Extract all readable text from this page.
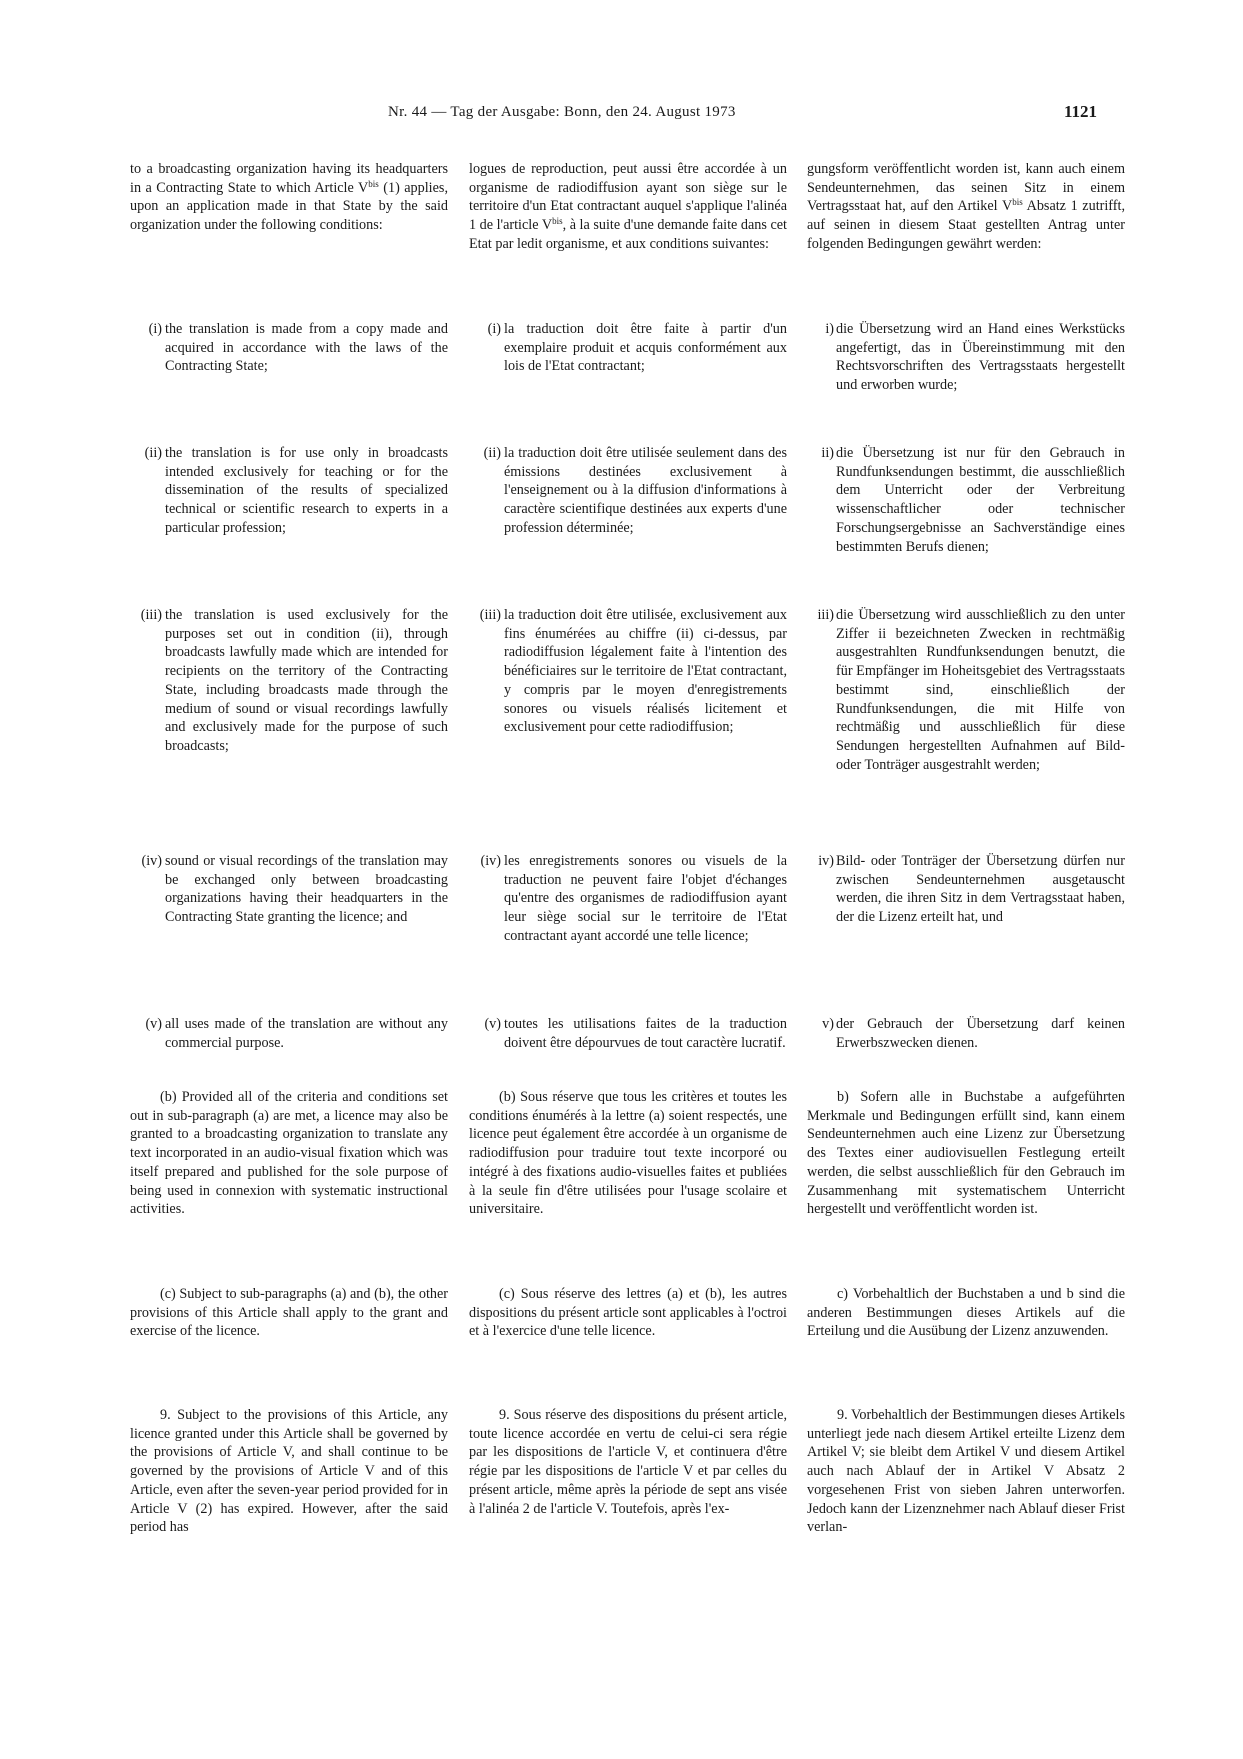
Nr. 44 — Tag der Ausgabe: Bonn, den 24. August 1973	1121
to a broadcasting organization having its headquarters in a Contracting State to which Article $V^{bis}$ (1) applies, upon an application made in that State by the said organization under the following conditions:
(i) the translation is made from a copy made and acquired in accordance with the laws of the Contracting State;
(ii) the translation is for use only in broadcasts intended exclusively for teaching or for the dissemination of the results of specialized technical or scientific research to experts in a particular profession;
(iii) the translation is used exclusively for the purposes set out in condition (ii), through broadcasts lawfully made which are intended for recipients on the territory of the Contracting State, including broadcasts made through the medium of sound or visual recordings lawfully and exclusively made for the purpose of such broadcasts;
(iv) sound or visual recordings of the translation may be exchanged only between broadcasting organizations having their headquarters in the Contracting State granting the licence; and
(v) all uses made of the translation are without any commercial purpose.
(b) Provided all of the criteria and conditions set out in sub-paragraph (a) are met, a licence may also be granted to a broadcasting organization to translate any text incorporated in an audio-visual fixation which was itself prepared and published for the sole purpose of being used in connexion with systematic instructional activities.
(c) Subject to sub-paragraphs (a) and (b), the other provisions of this Article shall apply to the grant and exercise of the licence.
9. Subject to the provisions of this Article, any licence granted under this Article shall be governed by the provisions of Article V, and shall continue to be governed by the provisions of Article V and of this Article, even after the seven-year period provided for in Article V (2) has expired. However, after the said period has
logues de reproduction, peut aussi être accordée à un organisme de radiodiffusion ayant son siège sur le territoire d'un Etat contractant auquel s'applique l'alinéa 1 de l'article $V^{bis}$, à la suite d'une demande faite dans cet Etat par ledit organisme, et aux conditions suivantes:
(i) la traduction doit être faite à partir d'un exemplaire produit et acquis conformément aux lois de l'Etat contractant;
(ii) la traduction doit être utilisée seulement dans des émissions destinées exclusivement à l'enseignement ou à la diffusion d'informations à caractère scientifique destinées aux experts d'une profession déterminée;
(iii) la traduction doit être utilisée, exclusivement aux fins énumérées au chiffre (ii) ci-dessus, par radiodiffusion légalement faite à l'intention des bénéficiaires sur le territoire de l'Etat contractant, y compris par le moyen d'enregistrements sonores ou visuels réalisés licitement et exclusivement pour cette radiodiffusion;
(iv) les enregistrements sonores ou visuels de la traduction ne peuvent faire l'objet d'échanges qu'entre des organismes de radiodiffusion ayant leur siège social sur le territoire de l'Etat contractant ayant accordé une telle licence;
(v) toutes les utilisations faites de la traduction doivent être dépourvues de tout caractère lucratif.
(b) Sous réserve que tous les critères et toutes les conditions énumérés à la lettre (a) soient respectés, une licence peut également être accordée à un organisme de radiodiffusion pour traduire tout texte incorporé ou intégré à des fixations audio-visuelles faites et publiées à la seule fin d'être utilisées pour l'usage scolaire et universitaire.
(c) Sous réserve des lettres (a) et (b), les autres dispositions du présent article sont applicables à l'octroi et à l'exercice d'une telle licence.
9. Sous réserve des dispositions du présent article, toute licence accordée en vertu de celui-ci sera régie par les dispositions de l'article V, et continuera d'être régie par les dispositions de l'article V et par celles du présent article, même après la période de sept ans visée à l'alinéa 2 de l'article V. Toutefois, après l'ex-
gungsform veröffentlicht worden ist, kann auch einem Sendeunternehmen, das seinen Sitz in einem Vertragsstaat hat, auf den Artikel $V^{bis}$ Absatz 1 zutrifft, auf seinen in diesem Staat gestellten Antrag unter folgenden Bedingungen gewährt werden:
i) die Übersetzung wird an Hand eines Werkstücks angefertigt, das in Übereinstimmung mit den Rechtsvorschriften des Vertragsstaats hergestellt und erworben wurde;
ii) die Übersetzung ist nur für den Gebrauch in Rundfunksendungen bestimmt, die ausschließlich dem Unterricht oder der Verbreitung wissenschaftlicher oder technischer Forschungsergebnisse an Sachverständige eines bestimmten Berufs dienen;
iii) die Übersetzung wird ausschließlich zu den unter Ziffer ii bezeichneten Zwecken in rechtmäßig ausgestrahlten Rundfunksendungen benutzt, die für Empfänger im Hoheitsgebiet des Vertragsstaats bestimmt sind, einschließlich der Rundfunksendungen, die mit Hilfe von rechtmäßig und ausschließlich für diese Sendungen hergestellten Aufnahmen auf Bild- oder Tonträger ausgestrahlt werden;
iv) Bild- oder Tonträger der Übersetzung dürfen nur zwischen Sendeunternehmen ausgetauscht werden, die ihren Sitz in dem Vertragsstaat haben, der die Lizenz erteilt hat, und
v) der Gebrauch der Übersetzung darf keinen Erwerbszwecken dienen.
b) Sofern alle in Buchstabe a aufgeführten Merkmale und Bedingungen erfüllt sind, kann einem Sendeunternehmen auch eine Lizenz zur Übersetzung des Textes einer audiovisuellen Festlegung erteilt werden, die selbst ausschließlich für den Gebrauch im Zusammenhang mit systematischem Unterricht hergestellt und veröffentlicht worden ist.
c) Vorbehaltlich der Buchstaben a und b sind die anderen Bestimmungen dieses Artikels auf die Erteilung und die Ausübung der Lizenz anzuwenden.
9. Vorbehaltlich der Bestimmungen dieses Artikels unterliegt jede nach diesem Artikel erteilte Lizenz dem Artikel V; sie bleibt dem Artikel V und diesem Artikel auch nach Ablauf der in Artikel V Absatz 2 vorgesehenen Frist von sieben Jahren unterworfen. Jedoch kann der Lizenznehmer nach Ablauf dieser Frist verlan-
